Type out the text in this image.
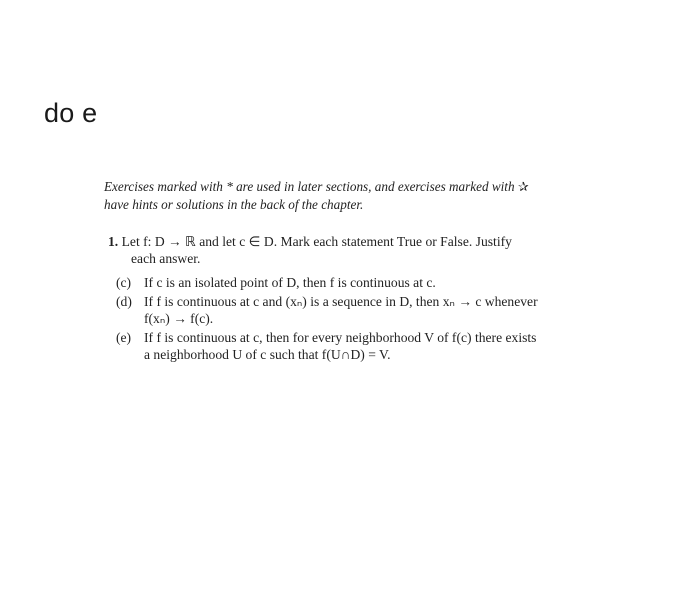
do e

Exercises marked with * are used in later sections, and exercises marked with ✰
have hints or solutions in the back of the chapter.

1. Let f: D → ℝ and let c ∈ D. Mark each statement True or False. Justify
each answer.
(c) If c is an isolated point of D, then f is continuous at c.
(d) If f is continuous at c and (xₙ) is a sequence in D, then xₙ → c whenever
f(xₙ) → f(c).
(e) If f is continuous at c, then for every neighborhood V of f(c) there exists
a neighborhood U of c such that f(U∩D) = V.
